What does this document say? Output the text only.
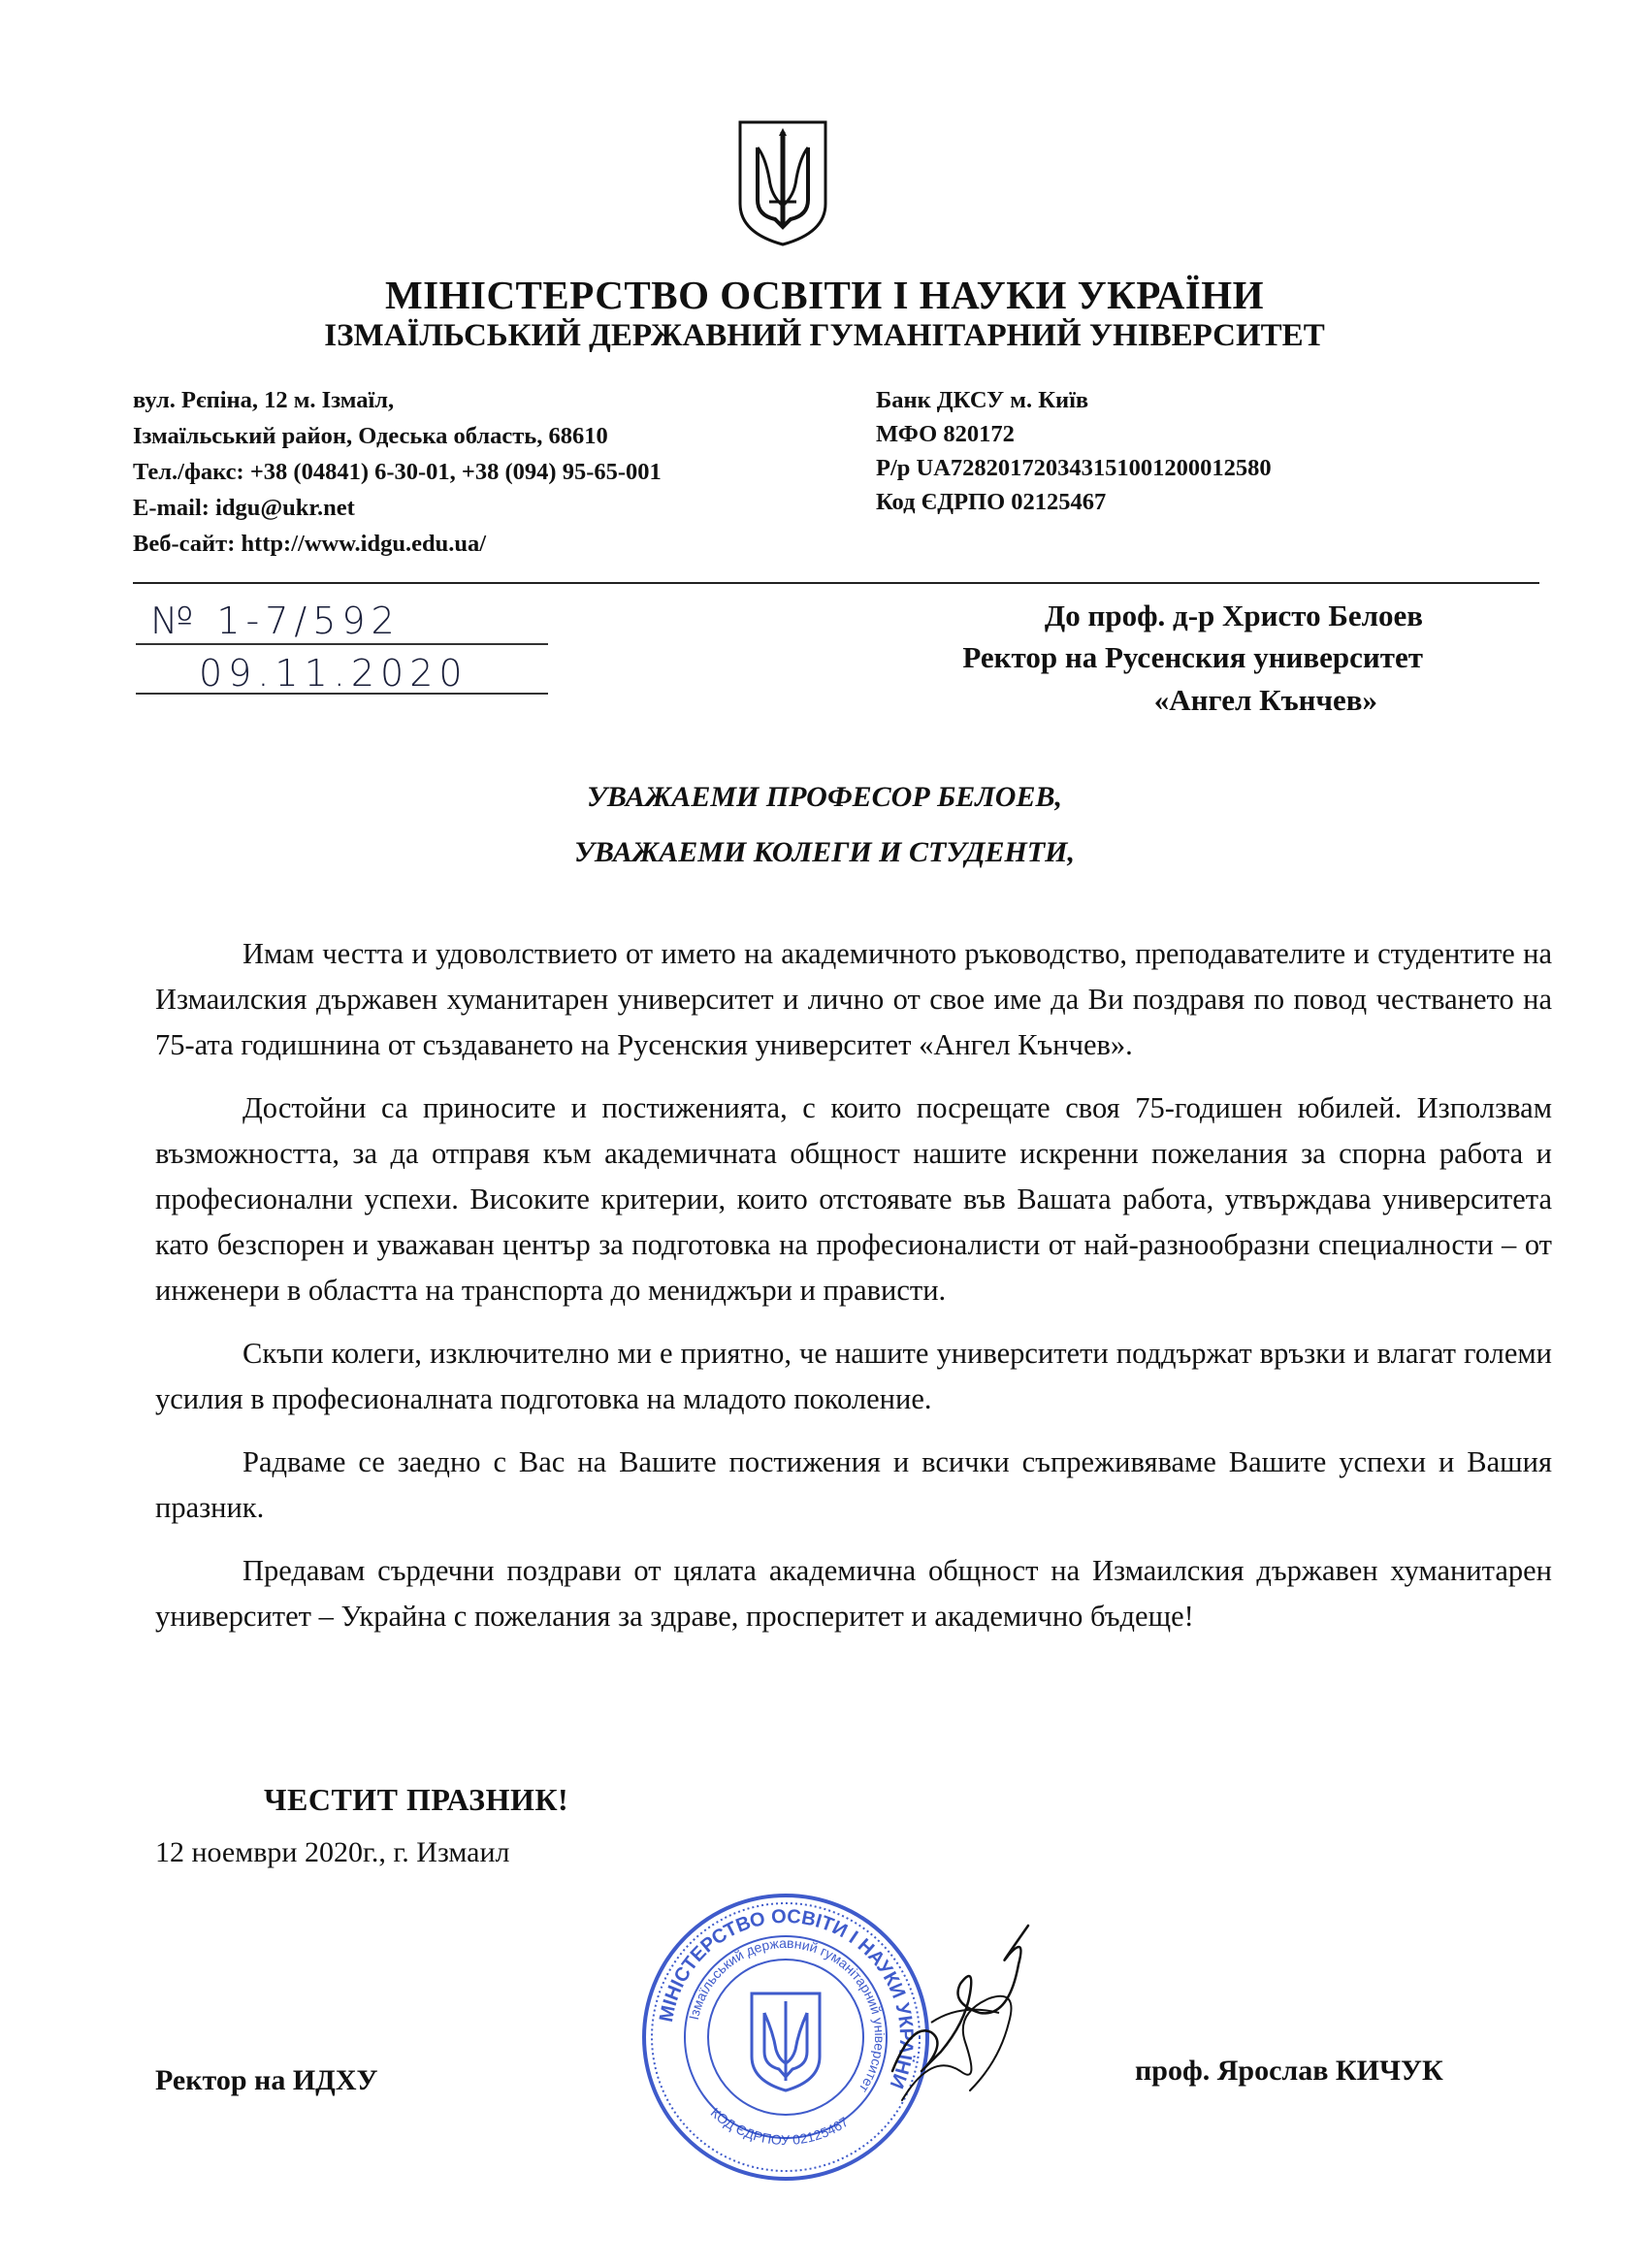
МІНІСТЕРСТВО ОСВІТИ І НАУКИ УКРАЇНИ
ІЗМАЇЛЬСЬКИЙ ДЕРЖАВНИЙ ГУМАНІТАРНИЙ УНІВЕРСИТЕТ
вул. Рєпіна, 12 м. Ізмаїл,
Ізмаїльський район, Одеська область, 68610
Тел./факс: +38 (04841) 6-30-01, +38 (094) 95-65-001
E-mail: idgu@ukr.net
Веб-сайт: http://www.idgu.edu.ua/
Банк ДКСУ м. Київ
МФО 820172
Р/р UA728201720343151001200012580
Код ЄДРПО 02125467
№ 1-7/592
09.11.2020
До проф. д-р Христо Белоев
Ректор на Русенския университет
«Ангел Кънчев»
УВАЖАЕМИ ПРОФЕСОР БЕЛОЕВ,
УВАЖАЕМИ КОЛЕГИ И СТУДЕНТИ,

Имам честта и удоволствието от името на академичното ръководство, преподавателите и студентите на Измаилския държавен хуманитарен университет и лично от свое име да Ви поздравя по повод честването на 75-ата годишнина от създаването на Русенския университет «Ангел Кънчев».

Достойни са приносите и постиженията, с които посрещате своя 75-годишен юбилей. Използвам възможността, за да отправя към академичната общност нашите искренни пожелания за спорна работа и професионални успехи. Високите критерии, които отстоявате във Вашата работа, утвърждава университета като безспорен и уважаван център за подготовка на професионалисти от най-разнообразни специалности – от инженери в областта на транспорта до мениджъри и прависти.

Скъпи колеги, изключително ми е приятно, че нашите университети поддържат връзки и влагат големи усилия в професионалната подготовка на младото поколение.

Радваме се заедно с Вас на Вашите постижения и всички съпреживяваме Вашите успехи и Вашия празник.

Предавам сърдечни поздрави от цялата академична общност на Измаилския държавен хуманитарен университет – Украйна с пожелания за здраве, просперитет и академично бъдеще!

ЧЕСТИТ ПРАЗНИК!
12 ноември 2020г., г. Измаил
МІНІСТЕРСТВО ОСВІТИ І НАУКИ УКРАЇНИ
Ізмаїльський державний гуманітарний університет
КОД ЄДРПОУ 02125467
Ректор на ИДХУ	проф. Ярослав КИЧУК
